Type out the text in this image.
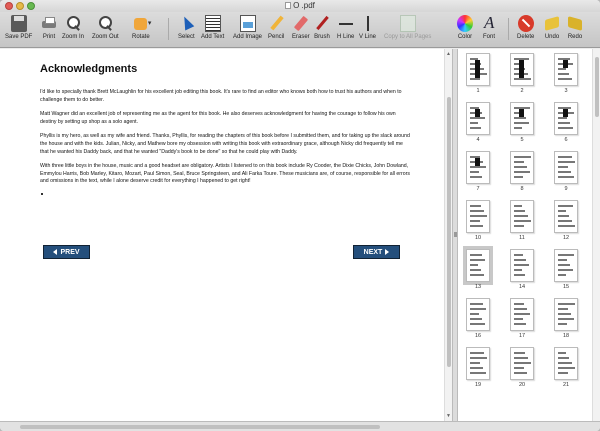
O .pdf
Save PDF Print Zoom In Zoom Out
▾ Rotate	Select Add Text Add Image Pencil Eraser Brush H Line V Line Copy to All Pages	Color
A Font	Delete Undo Redo
Acknowledgments

I'd like to specially thank Brett McLaughlin for his excellent job editing this book. It's rare to find an editor who knows both how to trust his authors and when to challenge them to do better.

Matt Wagner did an excellent job of representing me as the agent for this book. He also deserves acknowledgment for having the courage to follow his own destiny by setting up shop as a solo agent.

Phyllis is my hero, as well as my wife and friend. Thanks, Phyllis, for reading the chapters of this book before I submitted them, and for taking up the slack around the house and with the kids. Julian, Nicky, and Mathew bore my obsession with writing this book with extraordinary grace, although Nicky did frequently tell me that he wanted his Daddy back, and that he wanted "Daddy's book to be done" so that he could play with Daddy.

With three little boys in the house, music and a good headset are obligatory. Artists I listened to on this book include Ry Cooder, the Dixie Chicks, John Dowland, Emmylou Harris, Bob Marley, Kitaro, Mozart, Paul Simon, Seal, Bruce Springsteen, and Ali Farka Toure. These musicians are, of course, responsible for all errors and omissions in the text, while I alone deserve credit for everything I happened to get right!

PREV	NEXT
▲
▼
1	2	3
4	5	6
7	8	9
10	11	12
13	14	15
16	17	18
19	20	21
